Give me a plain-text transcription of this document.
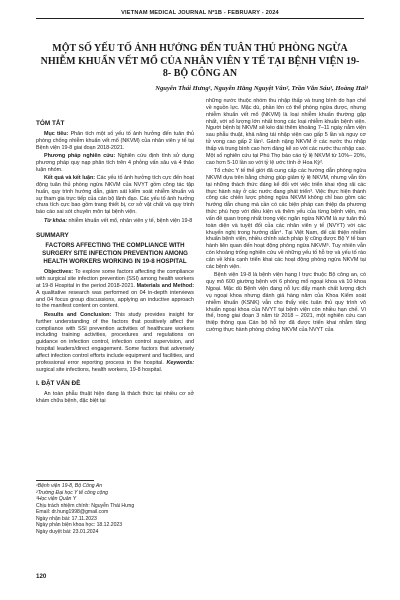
VIETNAM MEDICAL JOURNAL Nº1B - FEBRUARY - 2024
MỘT SỐ YẾU TỐ ẢNH HƯỞNG ĐẾN TUÂN THỦ PHÒNG NGỪA NHIỄM KHUẨN VẾT MỔ CỦA NHÂN VIÊN Y TẾ TẠI BỆNH VIỆN 19-8- BỘ CÔNG AN
Nguyễn Thái Hưng¹, Nguyễn Hằng Nguyệt Vân², Trần Văn Sáu³, Hoàng Hải³
TÓM TẮT

Mục tiêu: Phân tích một số yếu tố ảnh hưởng đến tuân thủ phòng chống nhiễm khuẩn vết mổ (NKVM) của nhân viên y tế tại Bệnh viện 19-8 giai đoạn 2018-2021.

Phương pháp nghiên cứu: Nghiên cứu định tính sử dụng phương pháp quy nạp phân tích trên 4 phỏng vấn sâu và 4 thảo luận nhóm.

Kết quả và kết luận: Các yếu tố ảnh hưởng tích cực đến hoạt động tuân thủ phòng ngừa NKVM của NVYT gồm công tác tập huấn, quy trình hướng dẫn, giám sát kiểm soát nhiễm khuẩn và sự tham gia trực tiếp của cán bộ lãnh đạo. Các yếu tố ảnh hưởng chưa tích cực bao gồm trang thiết bị, cơ sở vật chất và quy trình báo cáo sai sót chuyên môn tại bệnh viện.

Từ khóa: nhiễm khuẩn vết mổ, nhân viên y tế, bệnh viện 19-8

SUMMARY
FACTORS AFFECTING THE COMPLIANCE WITH SURGERY SITE INFECTION PREVENTION AMONG HEALTH WORKERS WORKING IN 19-8 HOSPITAL

Objectives: To explore some factors affecting the compliance with surgical site infection prevention (SSI) among health workers at 19-8 Hospital in the period 2018-2021. Materials and Method: A qualitative research was performed on 04 in-depth interviews and 04 focus group discussions, applying an inductive approach to the manifest content on content.

Results and Conclusion: This study provides insight for further understanding of the factors that positively affect the compliance with SSI prevention activities of healthcare workers including training activities, procedures and regulations on guidance on infection control, infection control supervision, and hospital leaders/direct engagement. Some factors that adversely affect infection control efforts include equipment and facilities, and professional error reporting process in the hospital. Keywords: surgical site infections, health workers, 19-8 hospital.

I. ĐẶT VẤN ĐỀ

An toàn phẫu thuật hiện đang là thách thức tại nhiều cơ sở khám chữa bệnh, đặc biệt tại

¹Bệnh viện 19-8, Bộ Công An
²Trường Đại học Y tế công cộng
³Học viện Quân Y
Chịu trách nhiệm chính: Nguyễn Thái Hưng
Email: dr.hung1998@gmail.com
Ngày nhận bài: 17.11.2023
Ngày phản biện khoa học: 18.12.2023
Ngày duyệt bài: 23.01.2024

những nước thuộc nhóm thu nhập thấp và trung bình do hạn chế về nguồn lực. Mặc dù, phần lớn có thể phòng ngừa được, nhưng nhiễm khuẩn vết mổ (NKVM) là loại nhiễm khuẩn thường gặp nhất, với số lượng lớn nhất trong các loại nhiễm khuẩn bệnh viện. Người bệnh bị NKVM sẽ kéo dài thêm khoảng 7–11 ngày nằm viện sau phẫu thuật, khả năng tái nhập viện cao gấp 5 lần và nguy cơ tử vong cao gấp 2 lần¹. Gánh nặng NKVM ở các nước thu nhập thấp và trung bình cao hơn đáng kể so với các nước thu nhập cao. Một số nghiên cứu tại Phú Thọ báo cáo tỷ lệ NKVM từ 10%– 20%, cao hơn 5-10 lần so với tỷ lệ ước tính ở Hoa Kỳ².

Tổ chức Y tế thế giới đã cung cấp các hướng dẫn phòng ngừa NKVM dựa trên bằng chứng giúp giảm tỷ lệ NKVM, nhưng vẫn tồn tại những thách thức đáng kể đối với việc triển khai rộng rãi các thực hành này ở các nước đang phát triển³. Việc thực hiện thành công các chiến lược phòng ngừa NKVM không chỉ bao gồm các hướng dẫn chung mà cần có các biện pháp can thiệp đa phương thức phù hợp với điều kiện và thêm yếu của từng bệnh viện, mà vấn đề quan trọng nhất trong việc ngăn ngừa NKVM là sự tuân thủ toàn diện và tuyệt đối của các nhân viên y tế (NVYT) với các khuyến nghị trong hướng dẫn⁴. Tại Việt Nam, để cải thiện nhiễm khuẩn bệnh viện, nhiều chính sách pháp lý cũng được Bộ Y tế ban hành liên quan đến hoạt động phòng ngừa NKVM⁵. Tuy nhiên vẫn còn khoảng trống nghiên cứu về những yếu tố hỗ trợ và yếu tố rào cản về khía cạnh triển khai các hoạt động phòng ngừa NKVM tại các bệnh viện.

Bệnh viện 19-8 là bệnh viện hạng I trực thuộc Bộ công an, có quy mô 600 giường bệnh với 6 phòng mổ ngoại khoa và 10 khoa Ngoại. Mặc dù Bệnh viện đang nỗ lực đẩy mạnh chất lượng dịch vụ ngoại khoa nhưng đánh giá hàng năm của Khoa Kiểm soát nhiễm khuẩn (KSNK) vẫn cho thấy việc tuân thủ quy trình vô khuẩn ngoại khoa của NVYT tại bệnh viện còn nhiều hạn chế. Vì thế, trong giai đoạn 3 năm từ 2018 – 2021, một nghiên cứu can thiệp thông qua Cán bộ hỗ trợ đã được triển khai nhằm tăng cường thực hành phòng chống NKVM của NVYT của

120
